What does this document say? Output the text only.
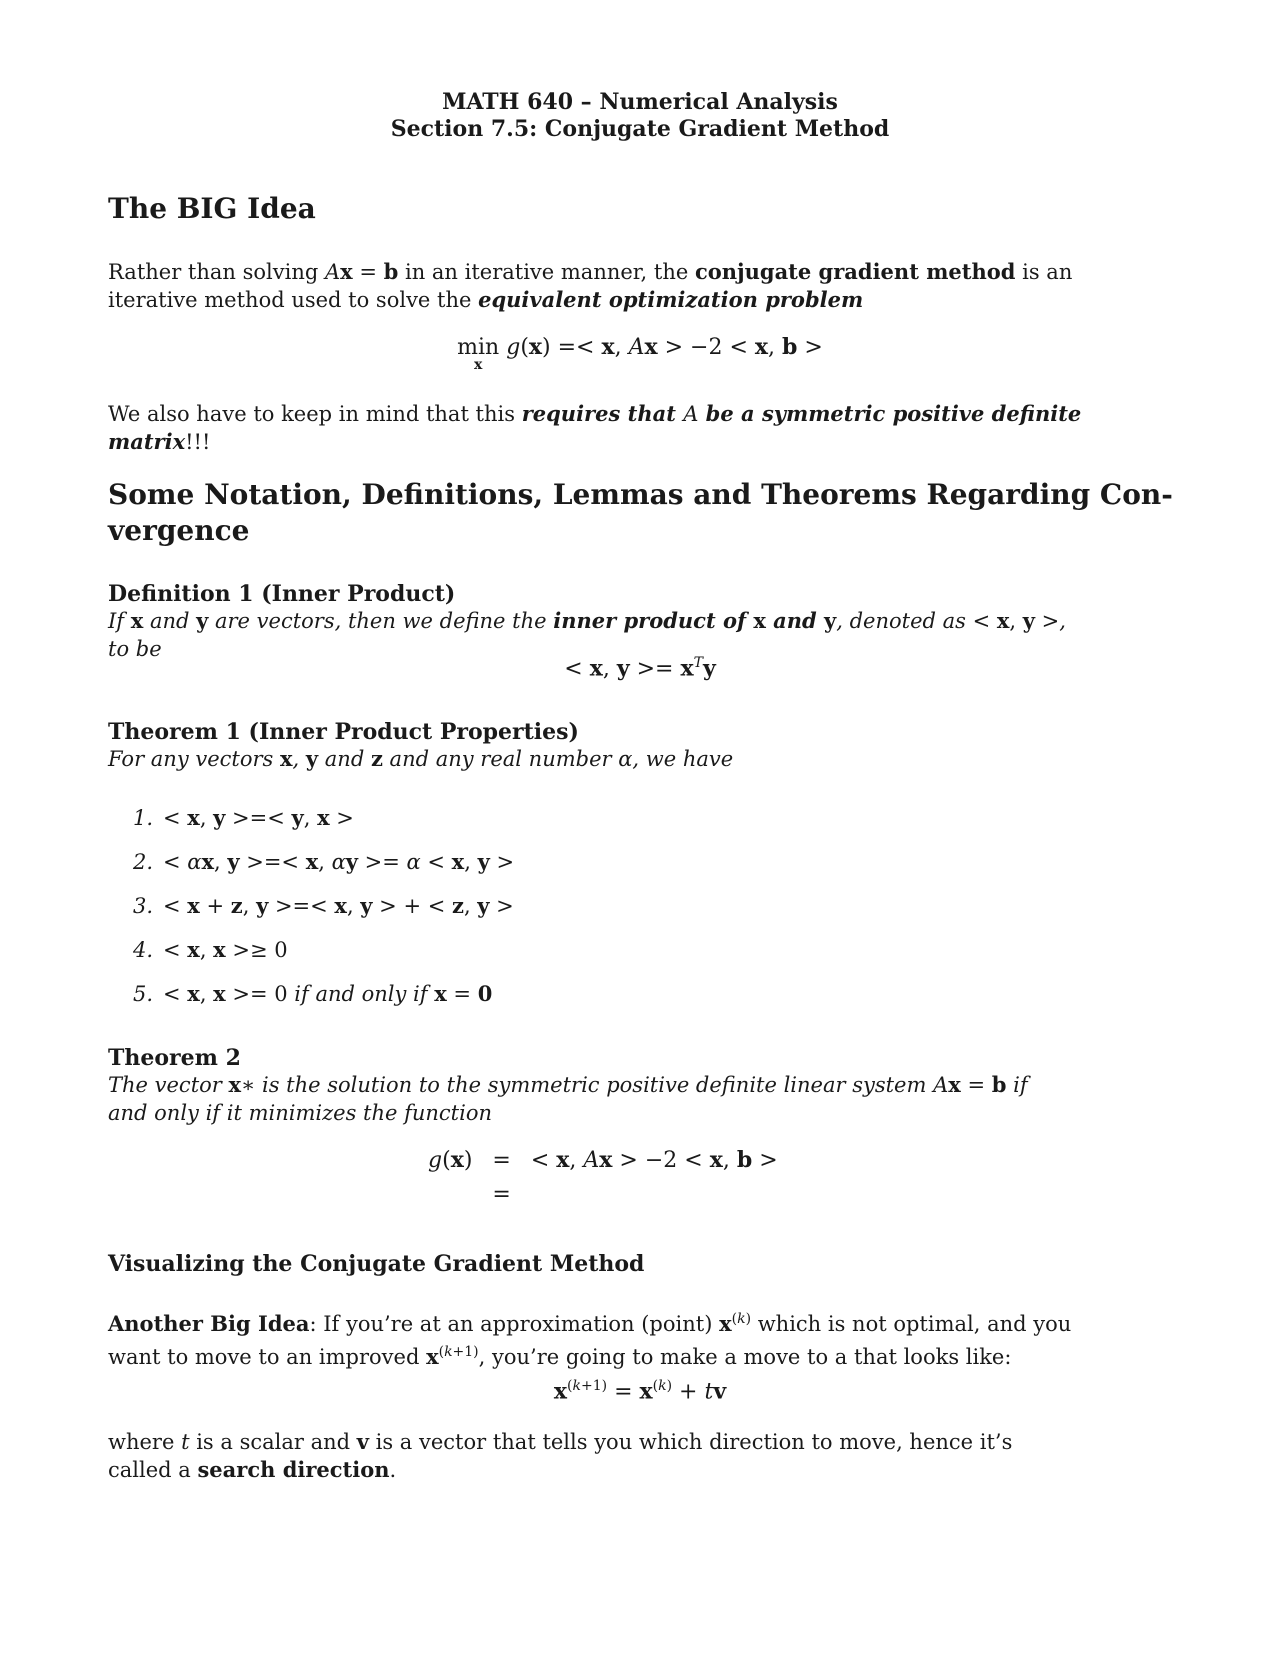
MATH 640 – Numerical Analysis
Section 7.5: Conjugate Gradient Method
The BIG Idea
Rather than solving Ax = b in an iterative manner, the conjugate gradient method is an iterative method used to solve the equivalent optimization problem
min
x
g(x) =< x, Ax > −2 < x, b >
We also have to keep in mind that this requires that A be a symmetric positive definite matrix!!!
Some Notation, Definitions, Lemmas and Theorems Regarding Con-
vergence
Definition 1 (Inner Product)
If x and y are vectors, then we define the inner product of x and y, denoted as < x, y >, to be
< x, $y >= x^Ty$
Theorem 1 (Inner Product Properties)
For any vectors x, y and z and any real number α, we have
1. < x, y >=< y, x >
2. < αx, y >=< x, αy >= α < x, y >
3. < x + z, y >=< x, y > + < z, y >
4. < x, x >≥ 0
5. < x, x >= 0 if and only if x = 0
Theorem 2
The vector x∗ is the solution to the symmetric positive definite linear system Ax = b if and only if it minimizes the function
g(x)	=	< x, Ax > −2 < x, b >
	=	
Visualizing the Conjugate Gradient Method
Another Big Idea: If you’re at an approximation (point) $x^{(k)}$ which is not optimal, and you want to move to an improved $x^{(k+1)}$, you’re going to make a move to a that looks like:
$x^{(k+1)} = x^{(k)}$ + tv
where t is a scalar and v is a vector that tells you which direction to move, hence it’s called a search direction.
